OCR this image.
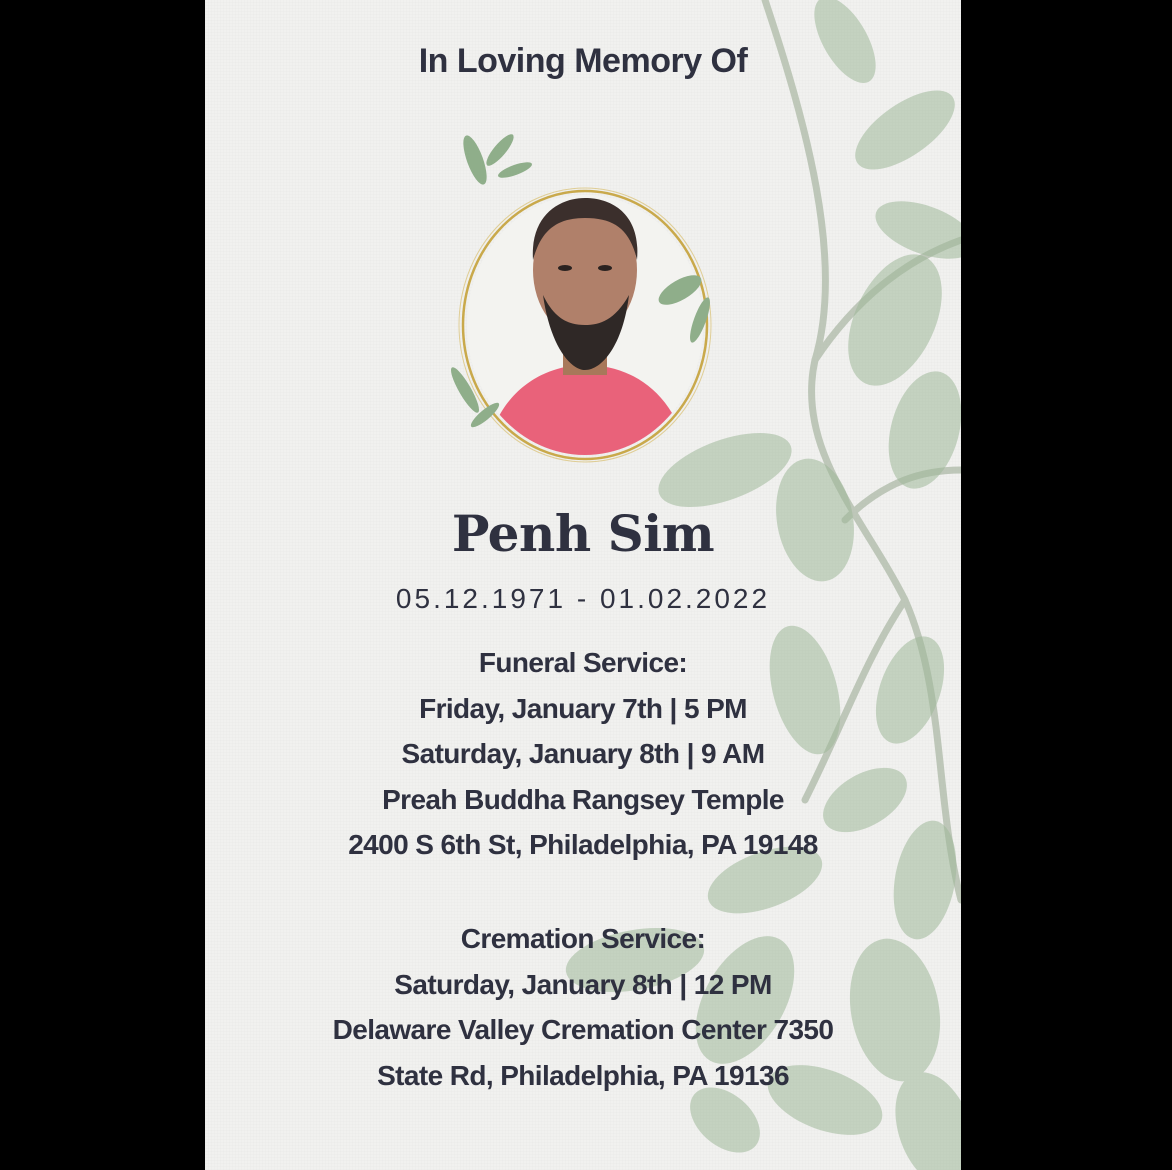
In Loving Memory Of
Penh Sim
05.12.1971 - 01.02.2022
Funeral Service:
Friday, January 7th | 5 PM
Saturday, January 8th | 9 AM
Preah Buddha Rangsey Temple
2400 S 6th St, Philadelphia, PA 19148
Cremation Service:
Saturday, January 8th | 12 PM
Delaware Valley Cremation Center 7350
State Rd, Philadelphia, PA 19136
